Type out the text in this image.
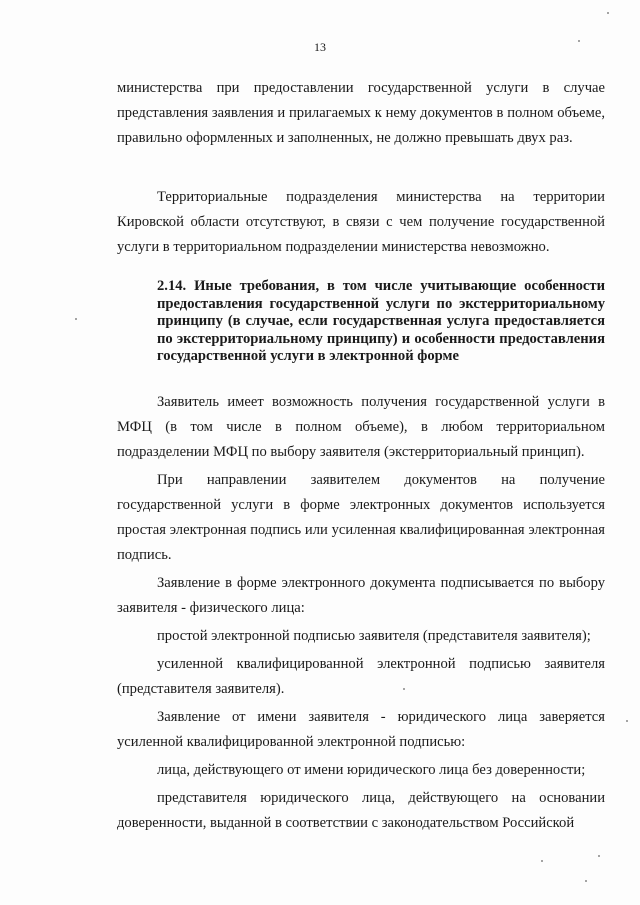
13

министерства при предоставлении государственной услуги в случае представления заявления и прилагаемых к нему документов в полном объеме, правильно оформленных и заполненных, не должно превышать двух раз.

Территориальные подразделения министерства на территории Кировской области отсутствуют, в связи с чем получение государственной услуги в территориальном подразделении министерства невозможно.

2.14. Иные требования, в том числе учитывающие особенности предоставления государственной услуги по экстерриториальному принципу (в случае, если государственная услуга предоставляется по экстерриториальному принципу) и особенности предоставления государственной услуги в электронной форме

Заявитель имеет возможность получения государственной услуги в МФЦ (в том числе в полном объеме), в любом территориальном подразделении МФЦ по выбору заявителя (экстерриториальный принцип).

При направлении заявителем документов на получение государственной услуги в форме электронных документов используется простая электронная подпись или усиленная квалифицированная электронная подпись.

Заявление в форме электронного документа подписывается по выбору заявителя - физического лица:

простой электронной подписью заявителя (представителя заявителя);

усиленной квалифицированной электронной подписью заявителя (представителя заявителя).

Заявление от имени заявителя - юридического лица заверяется усиленной квалифицированной электронной подписью:

лица, действующего от имени юридического лица без доверенности;

представителя юридического лица, действующего на основании доверенности, выданной в соответствии с законодательством Российской
